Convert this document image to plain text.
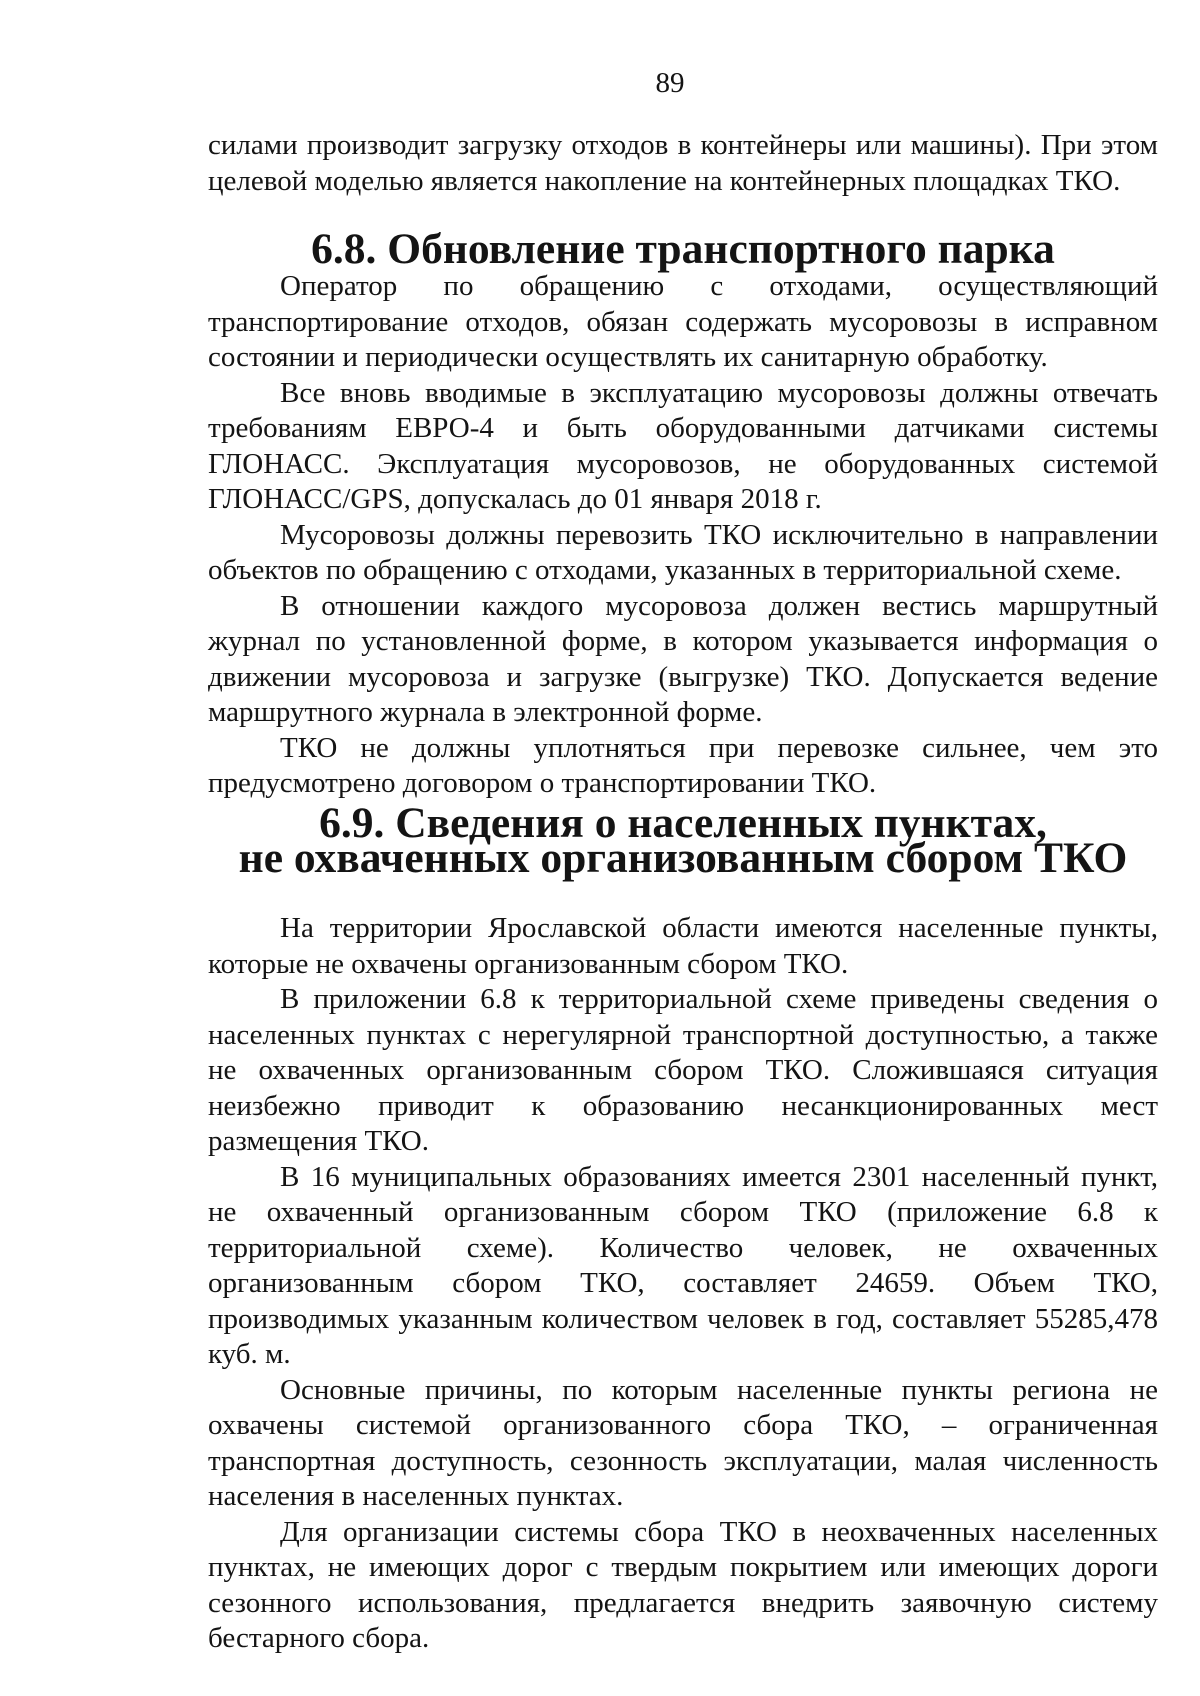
89

силами производит загрузку отходов в контейнеры или машины). При этом целевой моделью является накопление на контейнерных площадках ТКО.

6.8. Обновление транспортного парка

Оператор по обращению с отходами, осуществляющий транспортирование отходов, обязан содержать мусоровозы в исправном состоянии и периодически осуществлять их санитарную обработку.

Все вновь вводимые в эксплуатацию мусоровозы должны отвечать требованиям ЕВРО-4 и быть оборудованными датчиками системы ГЛОНАСС. Эксплуатация мусоровозов, не оборудованных системой ГЛОНАСС/GPS, допускалась до 01 января 2018 г.

Мусоровозы должны перевозить ТКО исключительно в направлении объектов по обращению с отходами, указанных в территориальной схеме.

В отношении каждого мусоровоза должен вестись маршрутный журнал по установленной форме, в котором указывается информация о движении мусоровоза и загрузке (выгрузке) ТКО. Допускается ведение маршрутного журнала в электронной форме.

ТКО не должны уплотняться при перевозке сильнее, чем это предусмотрено договором о транспортировании ТКО.

6.9. Сведения о населенных пунктах,
не охваченных организованным сбором ТКО

На территории Ярославской области имеются населенные пункты, которые не охвачены организованным сбором ТКО.

В приложении 6.8 к территориальной схеме приведены сведения о населенных пунктах с нерегулярной транспортной доступностью, а также не охваченных организованным сбором ТКО. Сложившаяся ситуация неизбежно приводит к образованию несанкционированных мест размещения ТКО.

В 16 муниципальных образованиях имеется 2301 населенный пункт, не охваченный организованным сбором ТКО (приложение 6.8 к территориальной схеме). Количество человек, не охваченных организованным сбором ТКО, составляет 24659. Объем ТКО, производимых указанным количеством человек в год, составляет 55285,478 куб. м.

Основные причины, по которым населенные пункты региона не охвачены системой организованного сбора ТКО, – ограниченная транспортная доступность, сезонность эксплуатации, малая численность населения в населенных пунктах.

Для организации системы сбора ТКО в неохваченных населенных пунктах, не имеющих дорог с твердым покрытием или имеющих дороги сезонного использования, предлагается внедрить заявочную систему бестарного сбора.
